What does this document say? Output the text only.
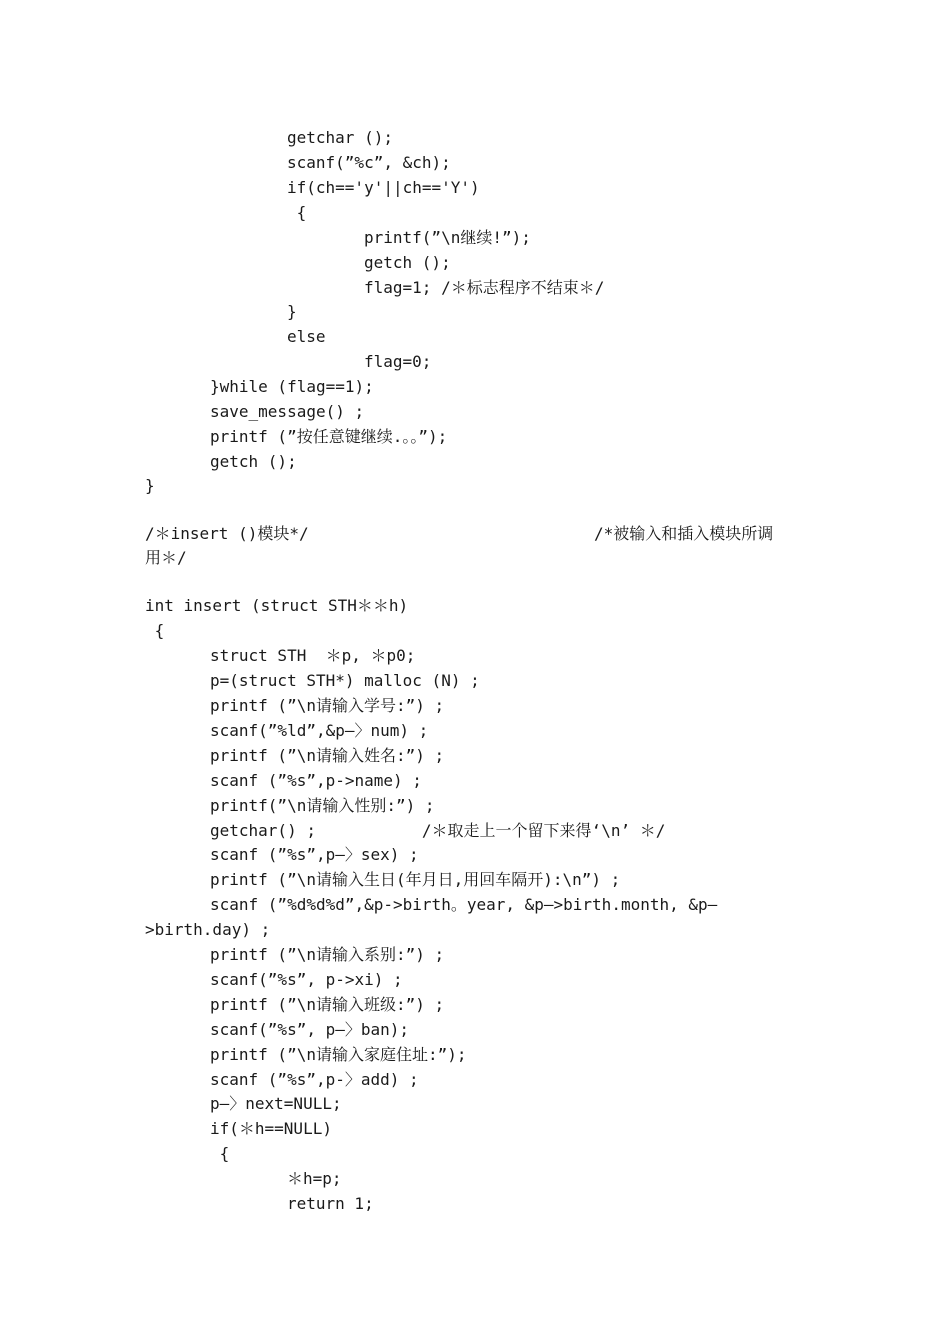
getchar ();
scanf(”%c”, &ch);
if(ch=='y'||ch=='Y')
{
printf(”\n继续!”);
getch ();
flag=1; /＊标志程序不结束＊/
}
else
flag=0;
}while (flag==1);
save_message() ;
printf (”按任意键继续.。。”);
getch ();
}
/＊insert ()模块*/	/*被输入和插入模块所调
用＊/
int insert (struct STH＊＊h)
{
struct STH  ＊p, ＊p0;
p=(struct STH*) malloc (N) ;
printf (”\n请输入学号:”) ;
scanf(”%ld”,&p—〉num) ;
printf (”\n请输入姓名:”) ;
scanf (”%s”,p->name) ;
printf(”\n请输入性别:”) ;
getchar() ;           /＊取走上一个留下来得‘\n’ ＊/
scanf (”%s”,p—〉sex) ;
printf (”\n请输入生日(年月日,用回车隔开):\n”) ;
scanf (”%d%d%d”,&p->birth。year, &p—>birth.month, &p—
>birth.day) ;
printf (”\n请输入系别:”) ;
scanf(”%s”, p->xi) ;
printf (”\n请输入班级:”) ;
scanf(”%s”, p—〉ban);
printf (”\n请输入家庭住址:”);
scanf (”%s”,p-〉add) ;
p—〉next=NULL;
if(＊h==NULL)
{
＊h=p;
return 1;
